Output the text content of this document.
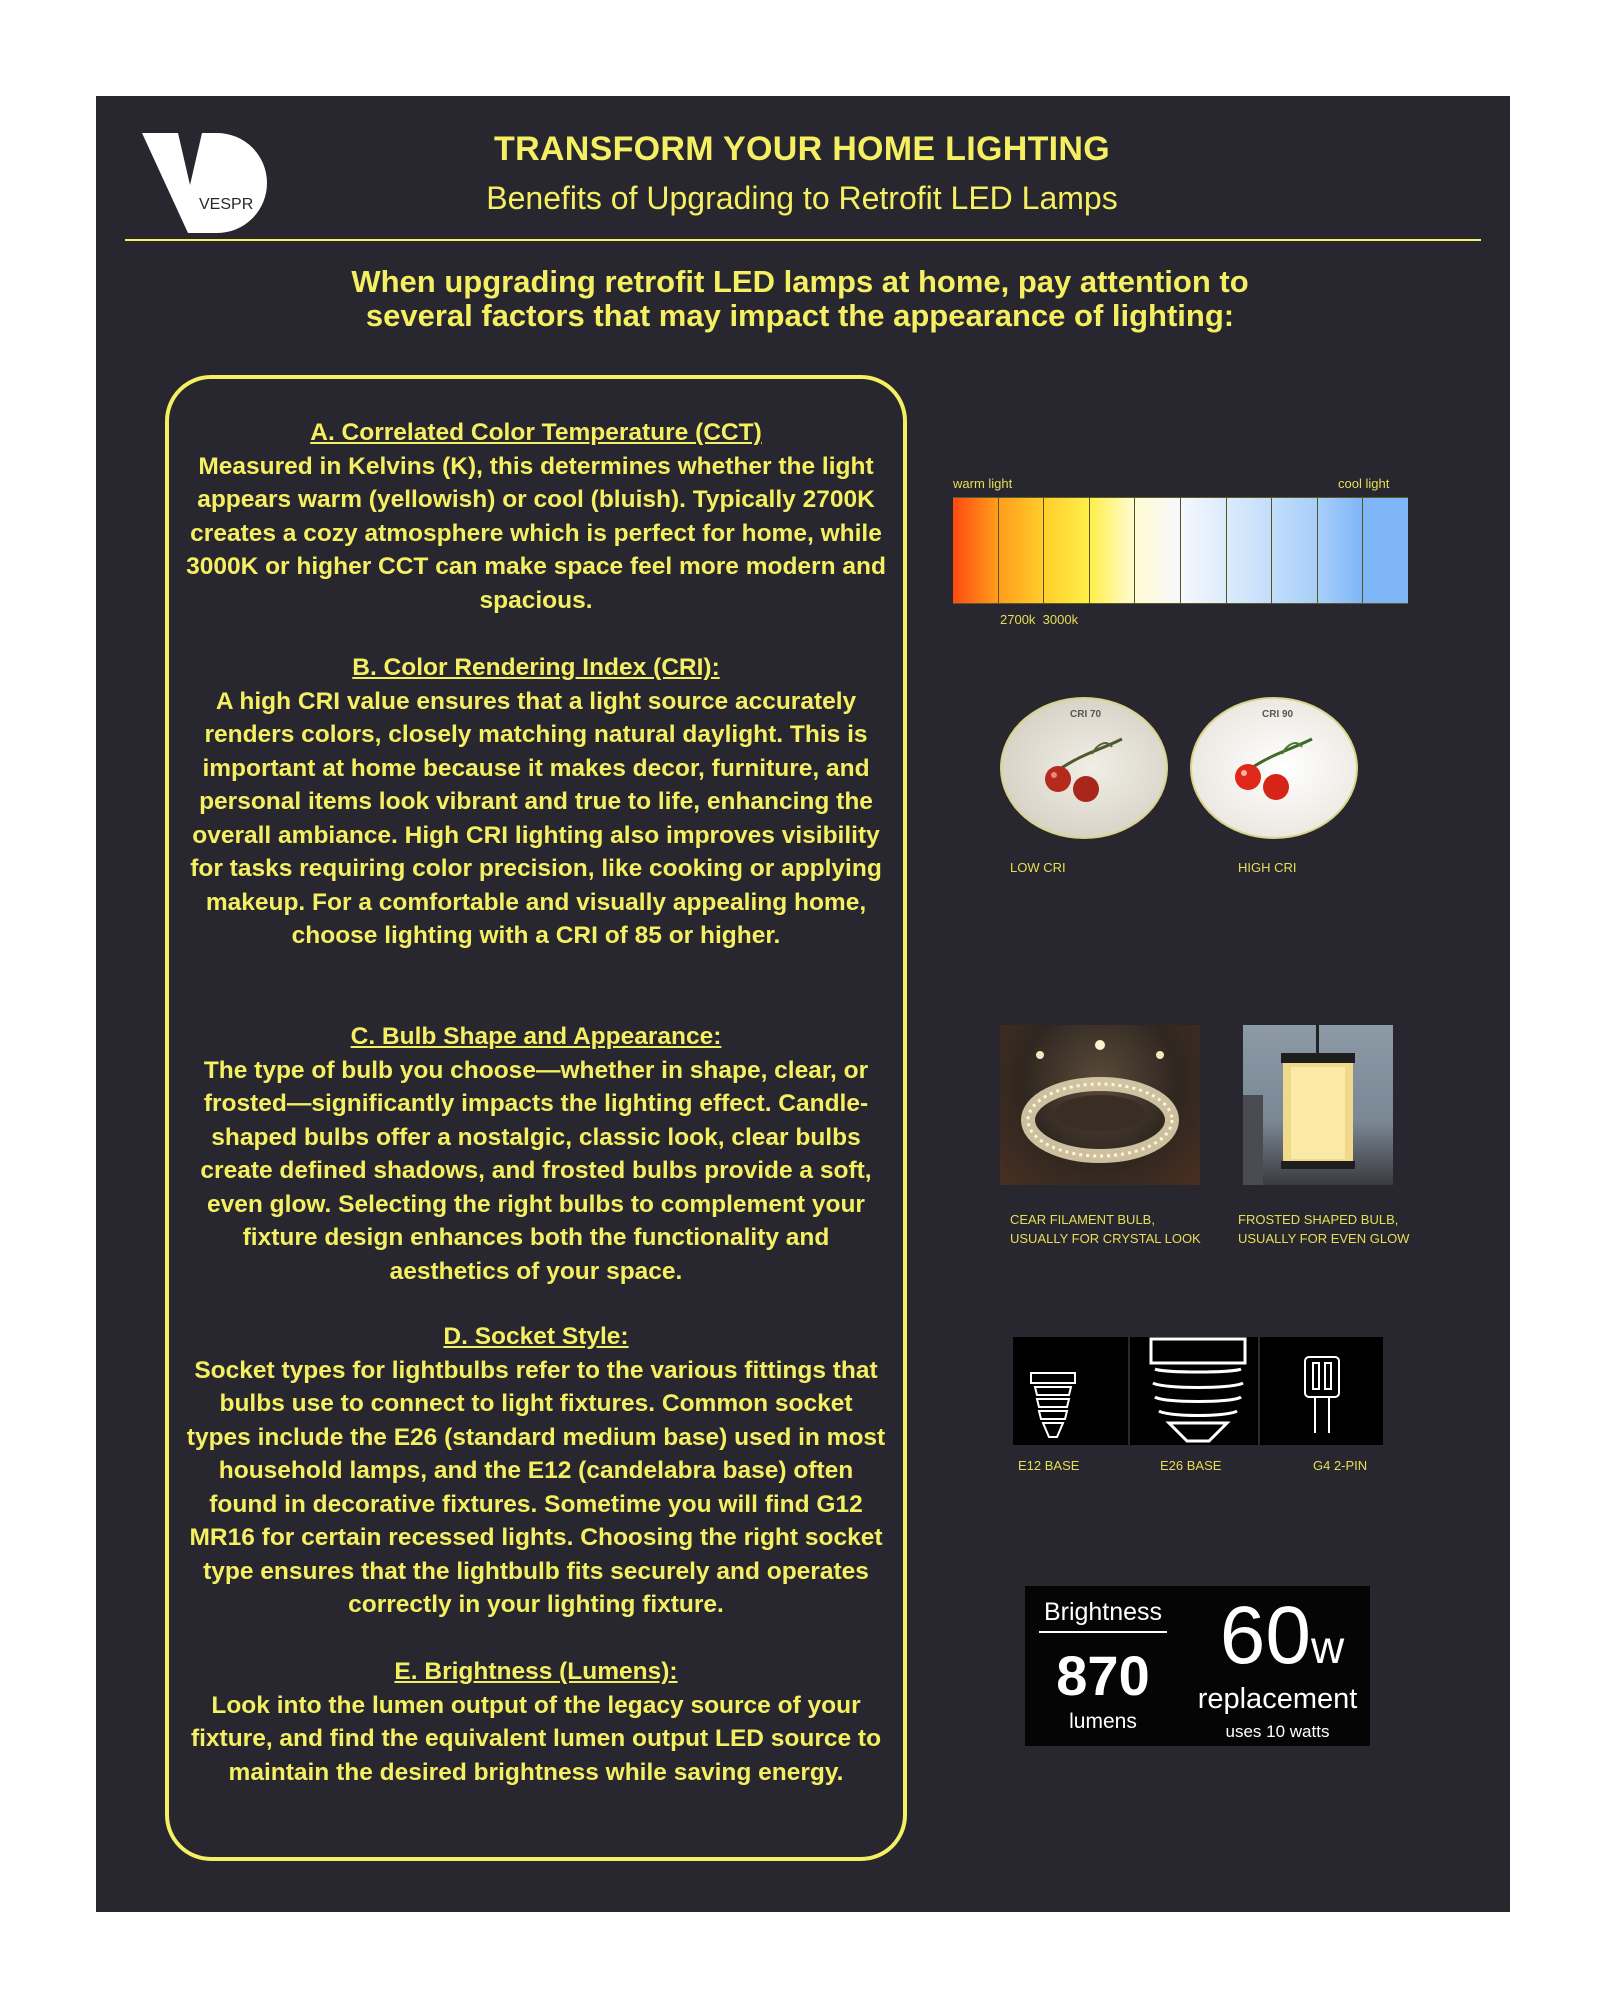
VESPR
TRANSFORM YOUR HOME LIGHTING
Benefits of Upgrading to Retrofit LED Lamps
When upgrading retrofit LED lamps at home, pay attention to
several factors that may impact the appearance of lighting:
A. Correlated Color Temperature (CCT)
Measured in Kelvins (K), this determines whether the light appears warm (yellowish) or cool (bluish). Typically 2700K creates a cozy atmosphere which is perfect for home, while 3000K or higher CCT can make space feel more modern and spacious.
B. Color Rendering Index (CRI):
A high CRI value ensures that a light source accurately renders colors, closely matching natural daylight. This is important at home because it makes decor, furniture, and personal items look vibrant and true to life, enhancing the overall ambiance. High CRI lighting also improves visibility for tasks requiring color precision, like cooking or applying makeup. For a comfortable and visually appealing home, choose lighting with a CRI of 85 or higher.
C. Bulb Shape and Appearance:
The type of bulb you choose—whether in shape, clear, or frosted—significantly impacts the lighting effect. Candle-shaped bulbs offer a nostalgic, classic look, clear bulbs create defined shadows, and frosted bulbs provide a soft, even glow. Selecting the right bulbs to complement your fixture design enhances both the functionality and aesthetics of your space.
D. Socket Style:
Socket types for lightbulbs refer to the various fittings that bulbs use to connect to light fixtures. Common socket types include the E26 (standard medium base) used in most household lamps, and the E12 (candelabra base) often found in decorative fixtures. Sometime you will find G12 MR16 for certain recessed lights. Choosing the right socket type ensures that the lightbulb fits securely and operates correctly in your lighting fixture.
E. Brightness (Lumens):
Look into the lumen output of the legacy source of your fixture, and find the equivalent lumen output LED source to maintain the desired brightness while saving energy.
warm light	cool light
2700k  3000k
CRI 70	CRI 90
LOW CRI	HIGH CRI
CEAR FILAMENT BULB,
USUALLY FOR CRYSTAL LOOK
FROSTED SHAPED BULB,
USUALLY FOR EVEN GLOW
E12 BASE	E26 BASE	G4 2-PIN
Brightness
870
lumens
60w
replacement
uses 10 watts
